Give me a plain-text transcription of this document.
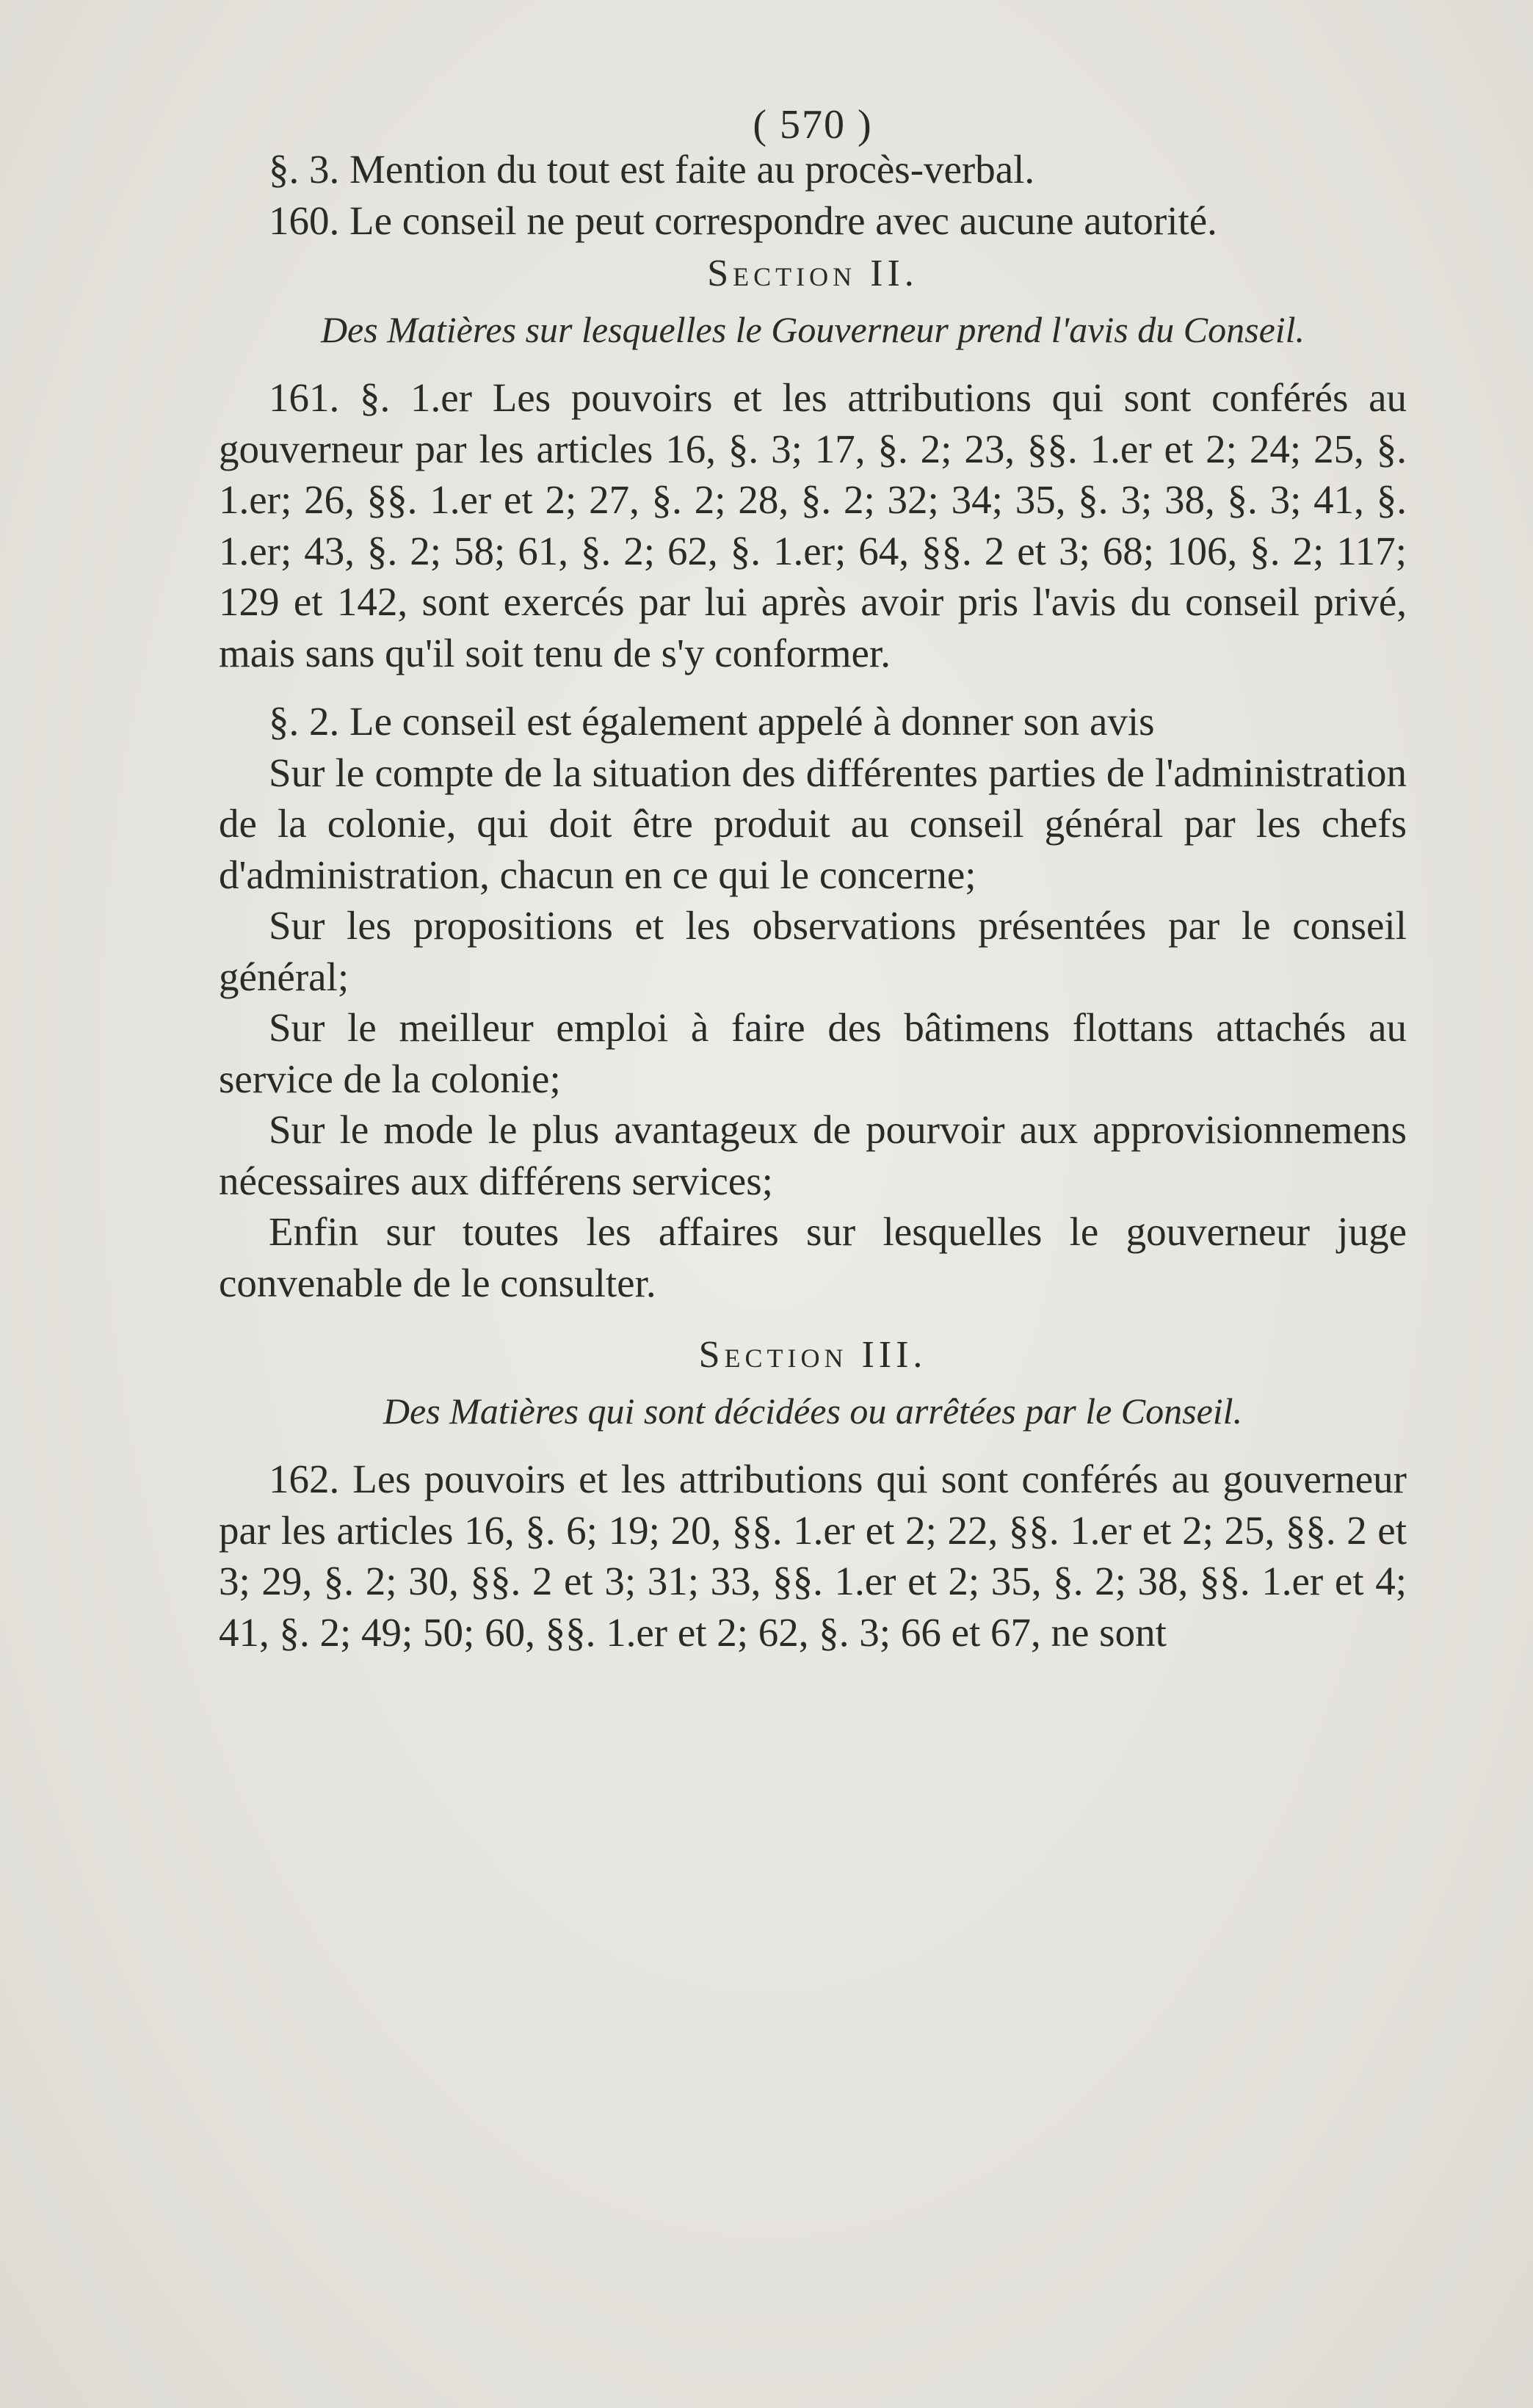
( 570 )

§. 3. Mention du tout est faite au procès-verbal.

160. Le conseil ne peut correspondre avec aucune autorité.

Section II.

Des Matières sur lesquelles le Gouverneur prend l'avis du Conseil.

161. §. 1.er Les pouvoirs et les attributions qui sont conférés au gouverneur par les articles 16, §. 3; 17, §. 2; 23, §§. 1.er et 2; 24; 25, §. 1.er; 26, §§. 1.er et 2; 27, §. 2; 28, §. 2; 32; 34; 35, §. 3; 38, §. 3; 41, §. 1.er; 43, §. 2; 58; 61, §. 2; 62, §. 1.er; 64, §§. 2 et 3; 68; 106, §. 2; 117; 129 et 142, sont exercés par lui après avoir pris l'avis du conseil privé, mais sans qu'il soit tenu de s'y conformer.

§. 2. Le conseil est également appelé à donner son avis

Sur le compte de la situation des différentes parties de l'administration de la colonie, qui doit être produit au conseil général par les chefs d'administration, chacun en ce qui le concerne;

Sur les propositions et les observations présentées par le conseil général;

Sur le meilleur emploi à faire des bâtimens flottans attachés au service de la colonie;

Sur le mode le plus avantageux de pourvoir aux approvisionnemens nécessaires aux différens services;

Enfin sur toutes les affaires sur lesquelles le gouverneur juge convenable de le consulter.

Section III.

Des Matières qui sont décidées ou arrêtées par le Conseil.

162. Les pouvoirs et les attributions qui sont conférés au gouverneur par les articles 16, §. 6; 19; 20, §§. 1.er et 2; 22, §§. 1.er et 2; 25, §§. 2 et 3; 29, §. 2; 30, §§. 2 et 3; 31; 33, §§. 1.er et 2; 35, §. 2; 38, §§. 1.er et 4; 41, §. 2; 49; 50; 60, §§. 1.er et 2; 62, §. 3; 66 et 67, ne sont
